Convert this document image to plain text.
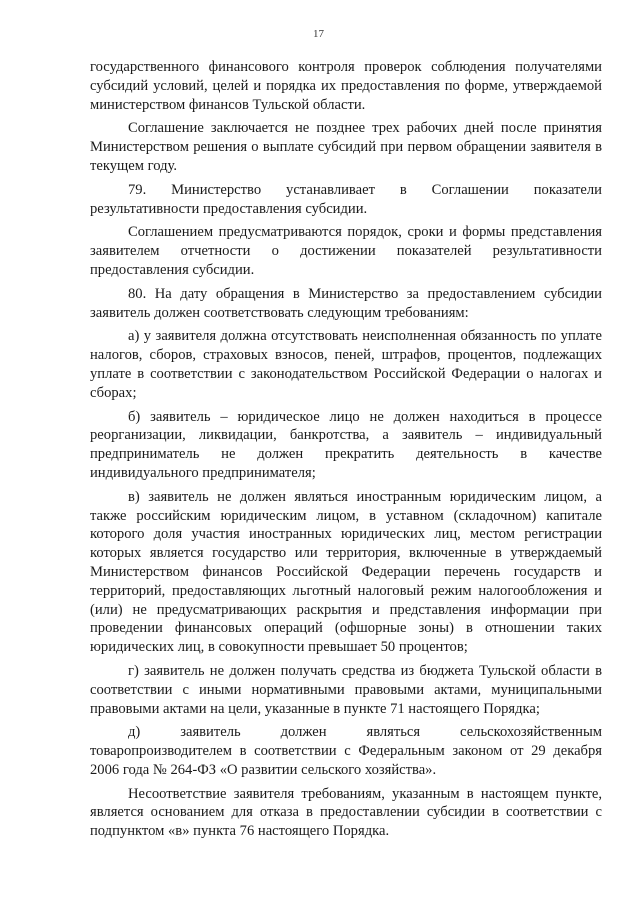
17

государственного финансового контроля проверок соблюдения получателями субсидий условий, целей и порядка их предоставления по форме, утверждаемой министерством финансов Тульской области.

Соглашение заключается не позднее трех рабочих дней после принятия Министерством решения о выплате субсидий при первом обращении заявителя в текущем году.

79. Министерство устанавливает в Соглашении показатели результативности предоставления субсидии.

Соглашением предусматриваются порядок, сроки и формы представления заявителем отчетности о достижении показателей результативности предоставления субсидии.

80. На дату обращения в Министерство за предоставлением субсидии заявитель должен соответствовать следующим требованиям:

а) у заявителя должна отсутствовать неисполненная обязанность по уплате налогов, сборов, страховых взносов, пеней, штрафов, процентов, подлежащих уплате в соответствии с законодательством Российской Федерации о налогах и сборах;

б) заявитель – юридическое лицо не должен находиться в процессе реорганизации, ликвидации, банкротства, а заявитель – индивидуальный предприниматель не должен прекратить деятельность в качестве индивидуального предпринимателя;

в) заявитель не должен являться иностранным юридическим лицом, а также российским юридическим лицом, в уставном (складочном) капитале которого доля участия иностранных юридических лиц, местом регистрации которых является государство или территория, включенные в утверждаемый Министерством финансов Российской Федерации перечень государств и территорий, предоставляющих льготный налоговый режим налогообложения и (или) не предусматривающих раскрытия и представления информации при проведении финансовых операций (офшорные зоны) в отношении таких юридических лиц, в совокупности превышает 50 процентов;

г) заявитель не должен получать средства из бюджета Тульской области в соответствии с иными нормативными правовыми актами, муниципальными правовыми актами на цели, указанные в пункте 71 настоящего Порядка;

д) заявитель должен являться сельскохозяйственным товаропроизводителем в соответствии с Федеральным законом от 29 декабря 2006 года № 264-ФЗ «О развитии сельского хозяйства».

Несоответствие заявителя требованиям, указанным в настоящем пункте, является основанием для отказа в предоставлении субсидии в соответствии с подпунктом «в» пункта 76 настоящего Порядка.
